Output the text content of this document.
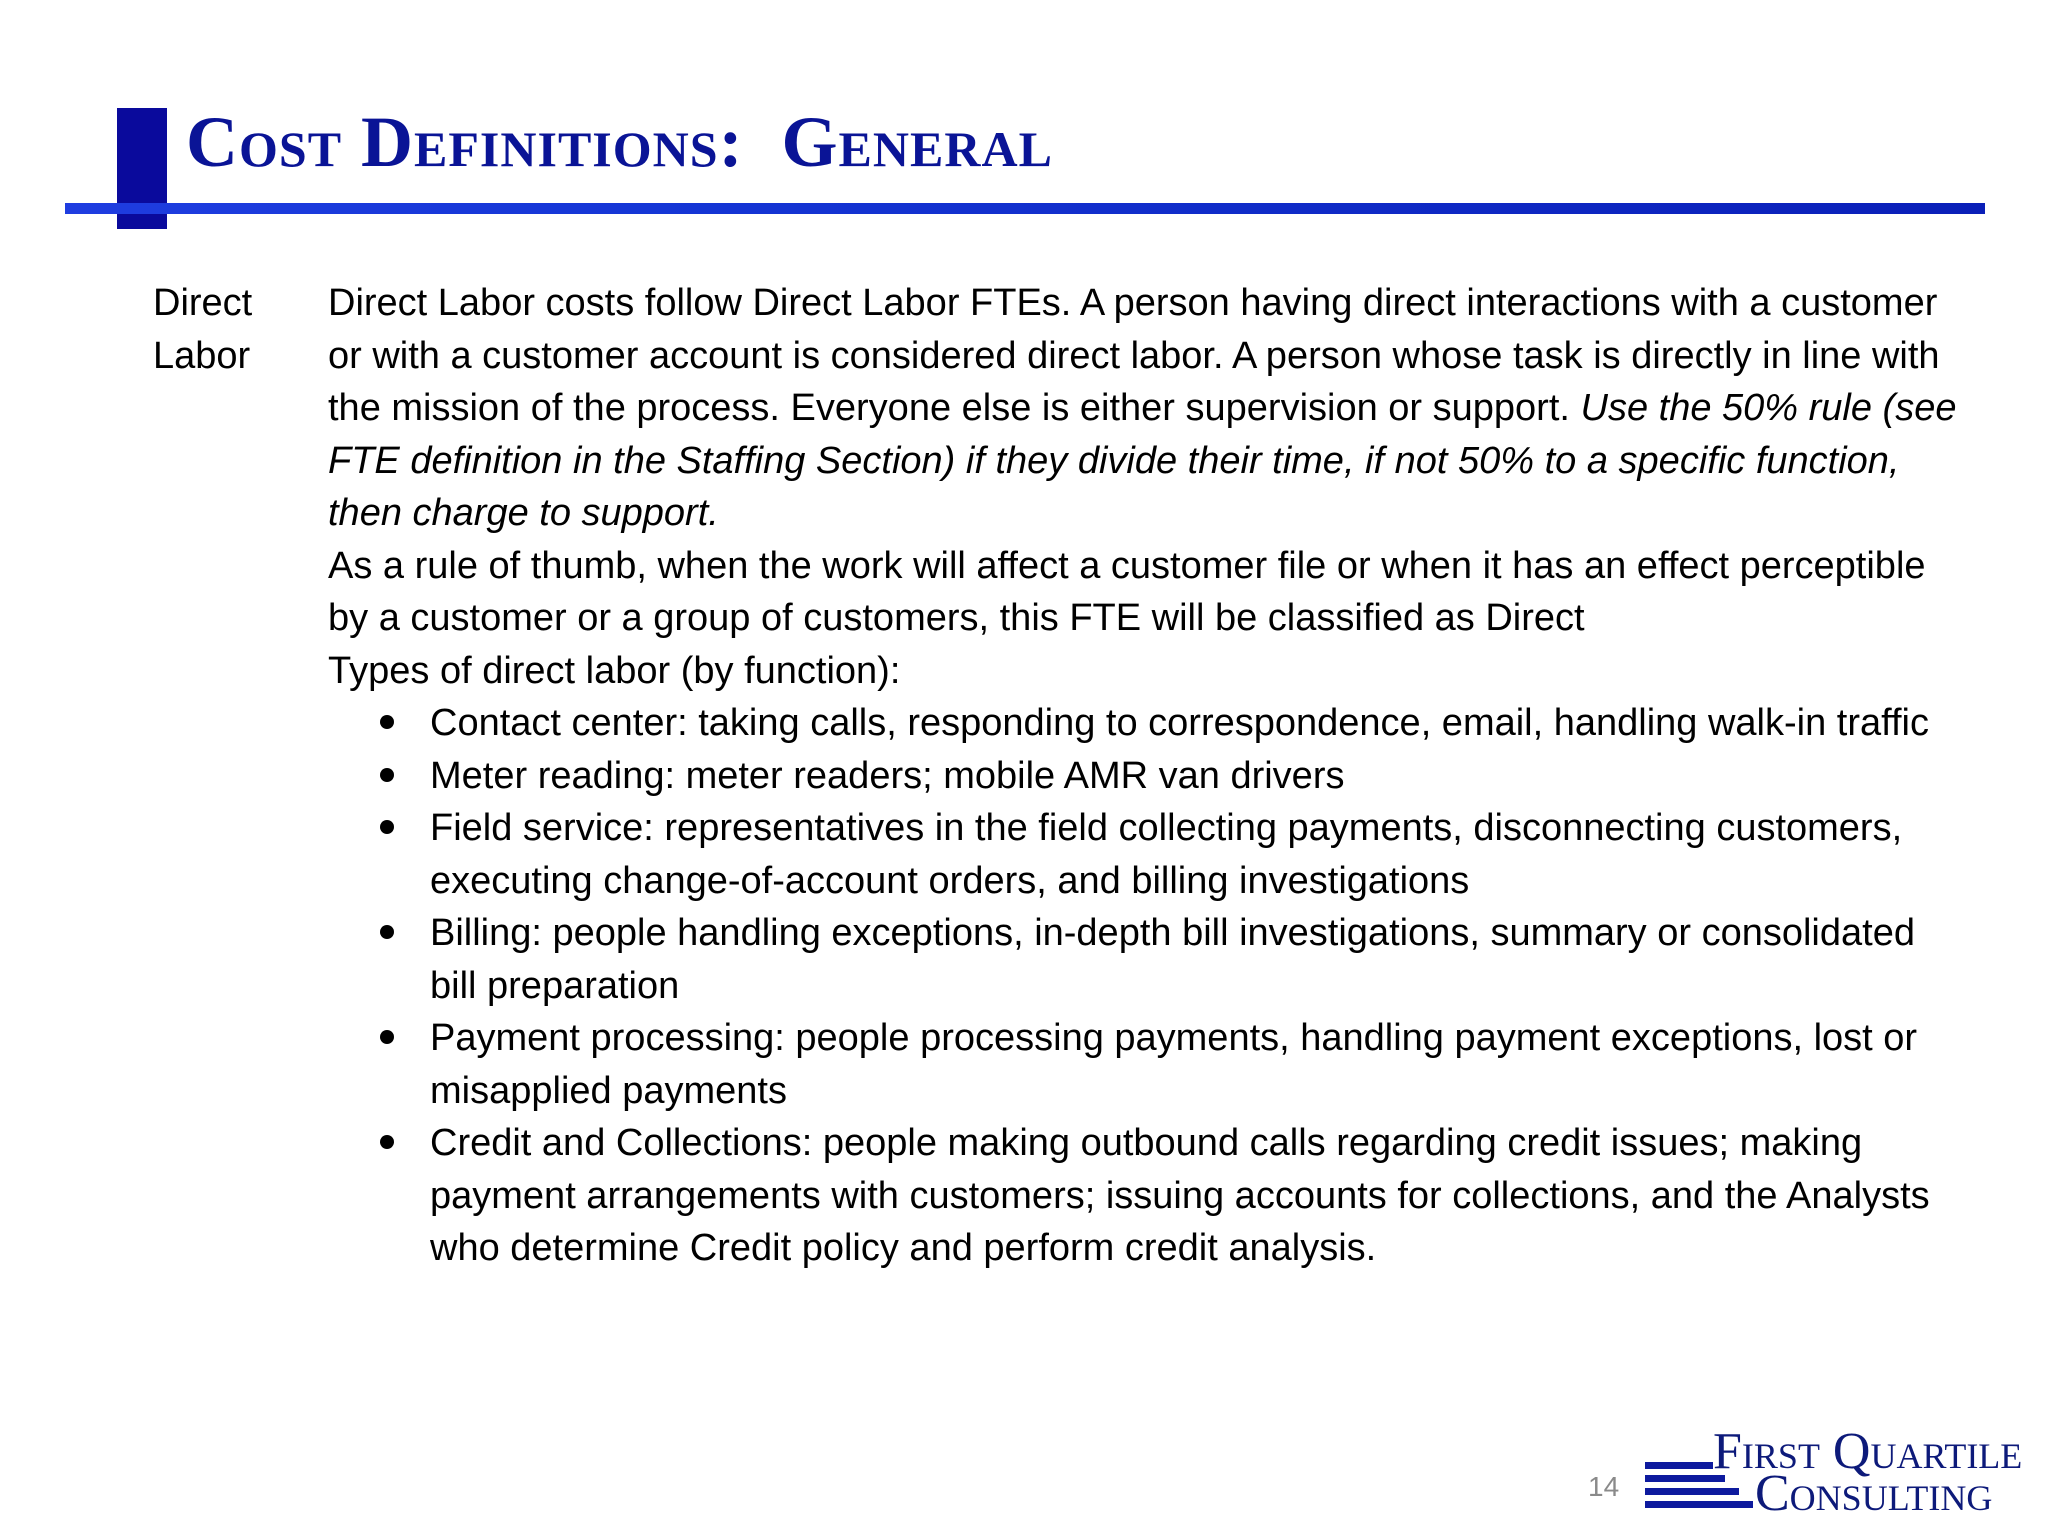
Cost Definitions:  General
Direct
Labor

Direct Labor costs follow Direct Labor FTEs. A person having direct interactions with a customer or with a customer account is considered direct labor. A person whose task is directly in line with the mission of the process. Everyone else is either supervision or support. Use the 50% rule (see FTE definition in the Staffing Section) if they divide their time, if not 50% to a specific function, then charge to support.

As a rule of thumb, when the work will affect a customer file or when it has an effect perceptible by a customer or a group of customers, this FTE will be classified as Direct

Types of direct labor (by function):

Contact center: taking calls, responding to correspondence, email, handling walk-in traffic
Meter reading: meter readers; mobile AMR van drivers
Field service: representatives in the field collecting payments, disconnecting customers, executing change-of-account orders, and billing investigations
Billing: people handling exceptions, in-depth bill investigations, summary or consolidated bill preparation
Payment processing: people processing payments, handling payment exceptions, lost or misapplied payments
Credit and Collections: people making outbound calls regarding credit issues; making payment arrangements with customers; issuing accounts for collections, and the Analysts who determine Credit policy and perform credit analysis.
14
First Quartile
Consulting
